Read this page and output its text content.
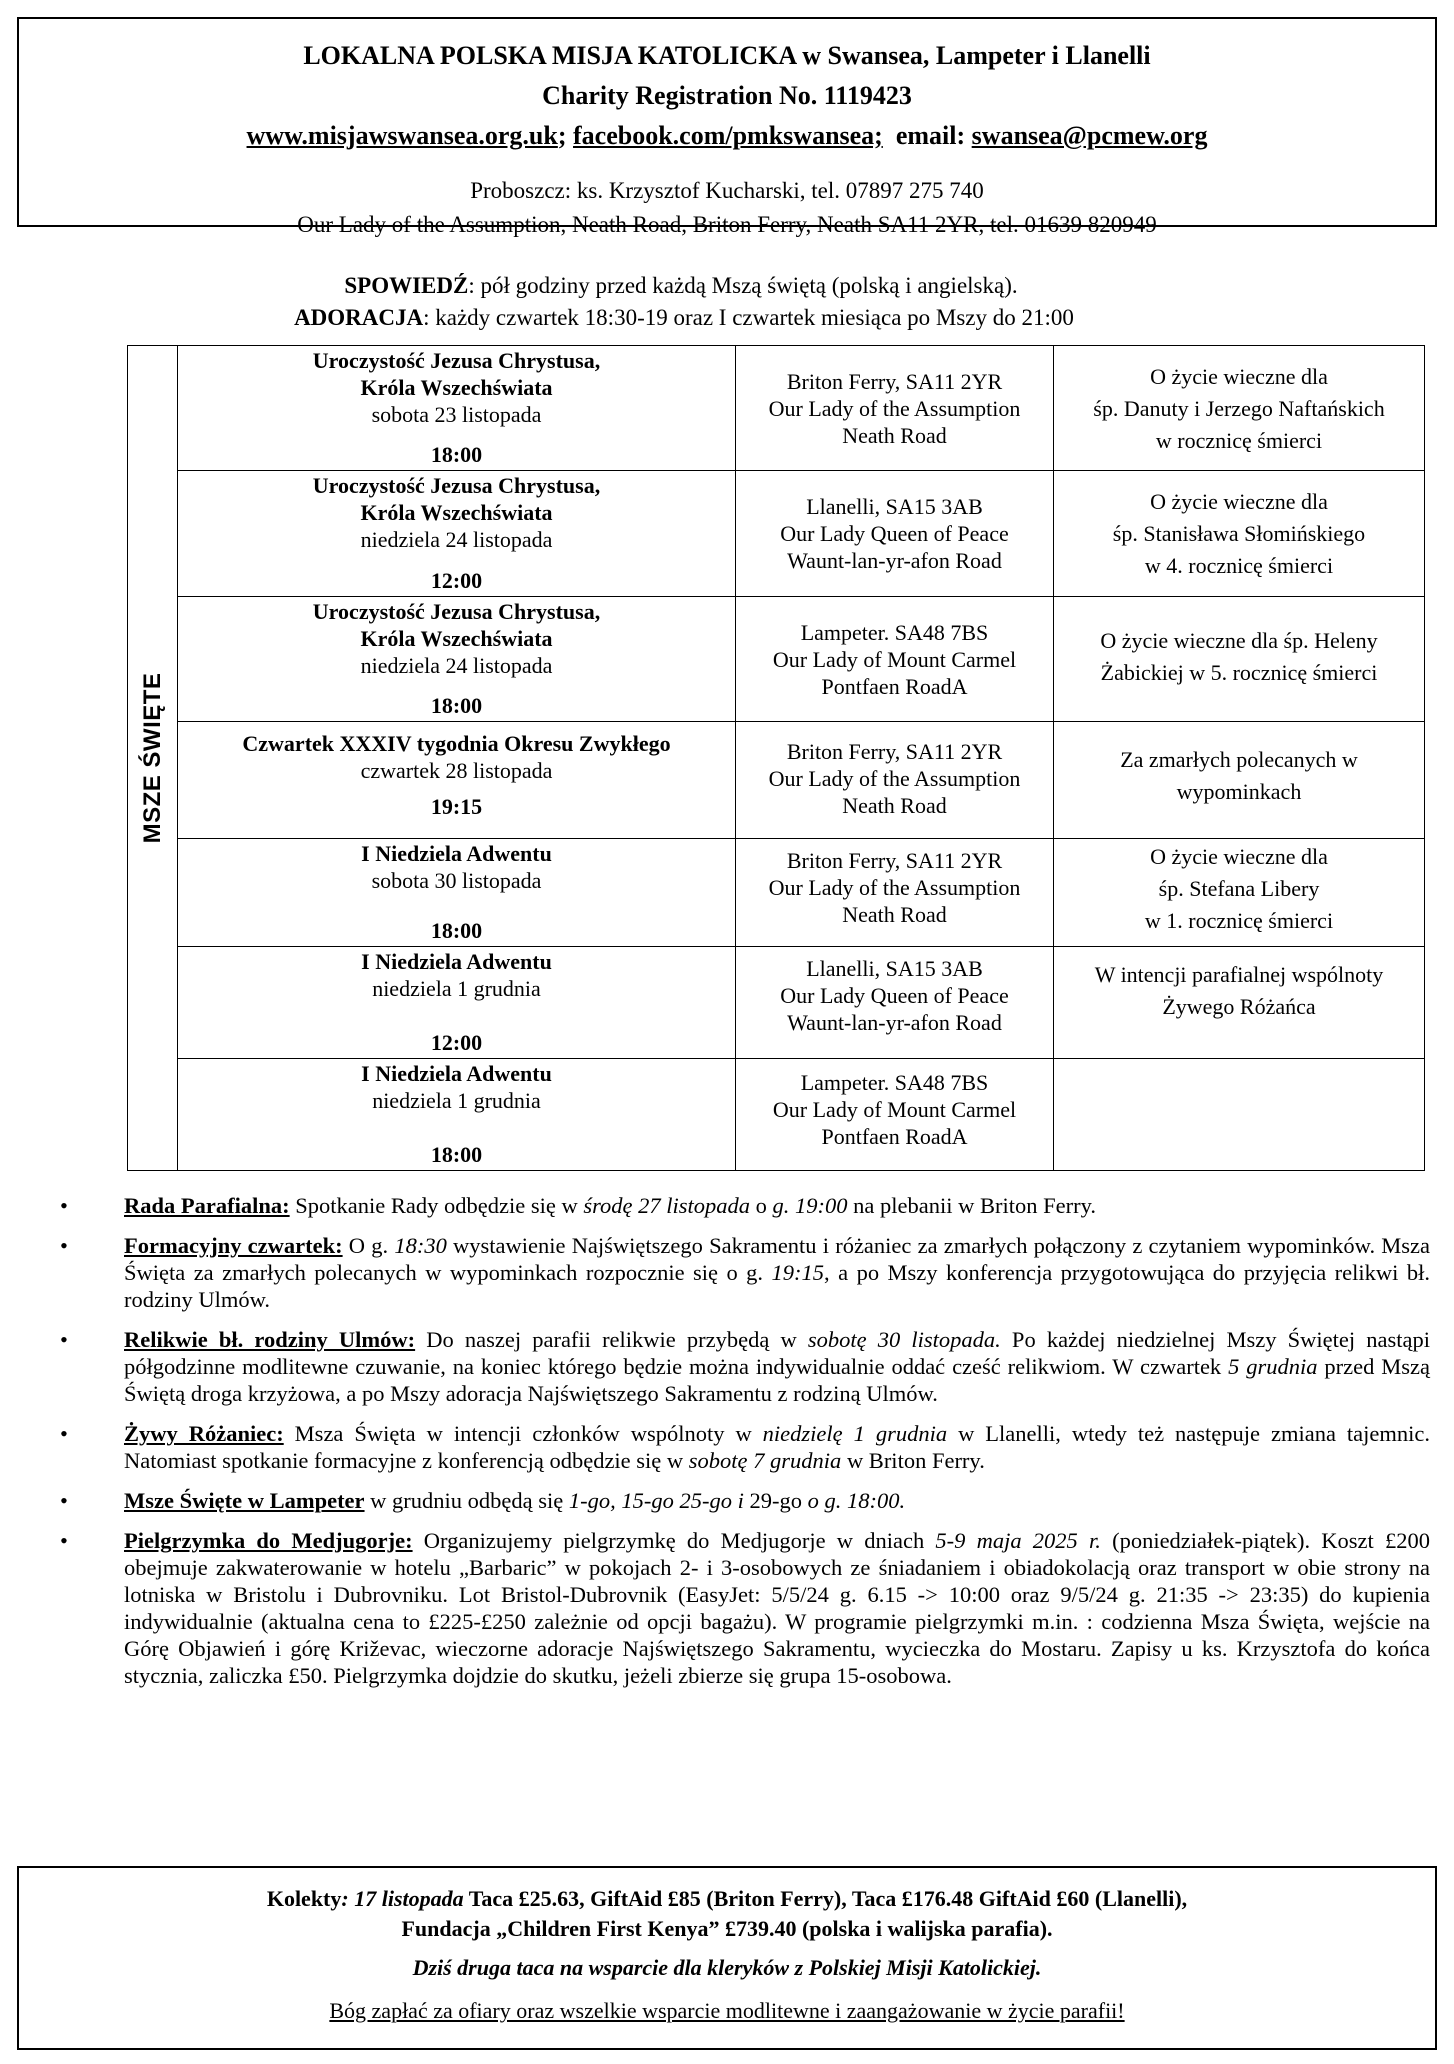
LOKALNA POLSKA MISJA KATOLICKA w Swansea, Lampeter i Llanelli
Charity Registration No. 1119423
www.misjawswansea.org.uk; facebook.com/pmkswansea;  email: swansea@pcmew.org
Proboszcz: ks. Krzysztof Kucharski, tel. 07897 275 740
Our Lady of the Assumption, Neath Road, Briton Ferry, Neath SA11 2YR, tel. 01639 820949
SPOWIEDŹ: pół godziny przed każdą Mszą świętą (polską i angielską).
ADORACJA: każdy czwartek 18:30-19 oraz I czwartek miesiąca po Mszy do 21:00
MSZE ŚWIĘTE
Uroczystość Jezusa Chrystusa,
Króla Wszechświata
sobota 23 listopada
18:00
Briton Ferry, SA11 2YR
Our Lady of the Assumption
Neath Road
O życie wieczne dla
śp. Danuty i Jerzego Naftańskich
w rocznicę śmierci
Uroczystość Jezusa Chrystusa,
Króla Wszechświata
niedziela 24 listopada
12:00
Llanelli, SA15 3AB
Our Lady Queen of Peace
Waunt-lan-yr-afon Road
O życie wieczne dla
śp. Stanisława Słomińskiego
w 4. rocznicę śmierci
Uroczystość Jezusa Chrystusa,
Króla Wszechświata
niedziela 24 listopada
18:00
Lampeter. SA48 7BS
Our Lady of Mount Carmel
Pontfaen RoadA
O życie wieczne dla śp. Heleny
Żabickiej w 5. rocznicę śmierci
Czwartek XXXIV tygodnia Okresu Zwykłego
czwartek 28 listopada
19:15
Briton Ferry, SA11 2YR
Our Lady of the Assumption
Neath Road
Za zmarłych polecanych w
wypominkach
I Niedziela Adwentu
sobota 30 listopada
18:00
Briton Ferry, SA11 2YR
Our Lady of the Assumption
Neath Road
O życie wieczne dla
śp. Stefana Libery
w 1. rocznicę śmierci
I Niedziela Adwentu
niedziela 1 grudnia
12:00
Llanelli, SA15 3AB
Our Lady Queen of Peace
Waunt-lan-yr-afon Road
W intencji parafialnej wspólnoty
Żywego Różańca
I Niedziela Adwentu
niedziela 1 grudnia
18:00
Lampeter. SA48 7BS
Our Lady of Mount Carmel
Pontfaen RoadA
• Rada Parafialna: Spotkanie Rady odbędzie się w środę 27 listopada o g. 19:00 na plebanii w Briton Ferry.
• Formacyjny czwartek: O g. 18:30 wystawienie Najświętszego Sakramentu i różaniec za zmarłych połączony z czytaniem wypominków. Msza Święta za zmarłych polecanych w wypominkach rozpocznie się o g. 19:15, a po Mszy konferencja przygotowująca do przyjęcia relikwi bł. rodziny Ulmów.
• Relikwie bł. rodziny Ulmów: Do naszej parafii relikwie przybędą w sobotę 30 listopada. Po każdej niedzielnej Mszy Świętej nastąpi półgodzinne modlitewne czuwanie, na koniec którego będzie można indywidualnie oddać cześć relikwiom. W czwartek 5 grudnia przed Mszą Świętą droga krzyżowa, a po Mszy adoracja Najświętszego Sakramentu z rodziną Ulmów.
• Żywy Różaniec: Msza Święta w intencji członków wspólnoty w niedzielę 1 grudnia w Llanelli, wtedy też następuje zmiana tajemnic. Natomiast spotkanie formacyjne z konferencją odbędzie się w sobotę 7 grudnia w Briton Ferry.
• Msze Święte w Lampeter w grudniu odbędą się 1-go, 15-go 25-go i 29-go o g. 18:00.
• Pielgrzymka do Medjugorje: Organizujemy pielgrzymkę do Medjugorje w dniach 5-9 maja 2025 r. (poniedziałek-piątek). Koszt £200 obejmuje zakwaterowanie w hotelu „Barbaric” w pokojach 2- i 3-osobowych ze śniadaniem i obiadokolacją oraz transport w obie strony na lotniska w Bristolu i Dubrovniku. Lot Bristol-Dubrovnik (EasyJet: 5/5/24 g. 6.15 -> 10:00 oraz 9/5/24 g. 21:35 -> 23:35) do kupienia indywidualnie (aktualna cena to £225-£250 zależnie od opcji bagażu). W programie pielgrzymki m.in. : codzienna Msza Święta, wejście na Górę Objawień i górę Križevac, wieczorne adoracje Najświętszego Sakramentu, wycieczka do Mostaru. Zapisy u ks. Krzysztofa do końca stycznia, zaliczka £50. Pielgrzymka dojdzie do skutku, jeżeli zbierze się grupa 15-osobowa.
Kolekty: 17 listopada Taca £25.63, GiftAid £85 (Briton Ferry), Taca £176.48 GiftAid £60 (Llanelli),
Fundacja „Children First Kenya” £739.40 (polska i walijska parafia).
Dziś druga taca na wsparcie dla kleryków z Polskiej Misji Katolickiej.
Bóg zapłać za ofiary oraz wszelkie wsparcie modlitewne i zaangażowanie w życie parafii!
